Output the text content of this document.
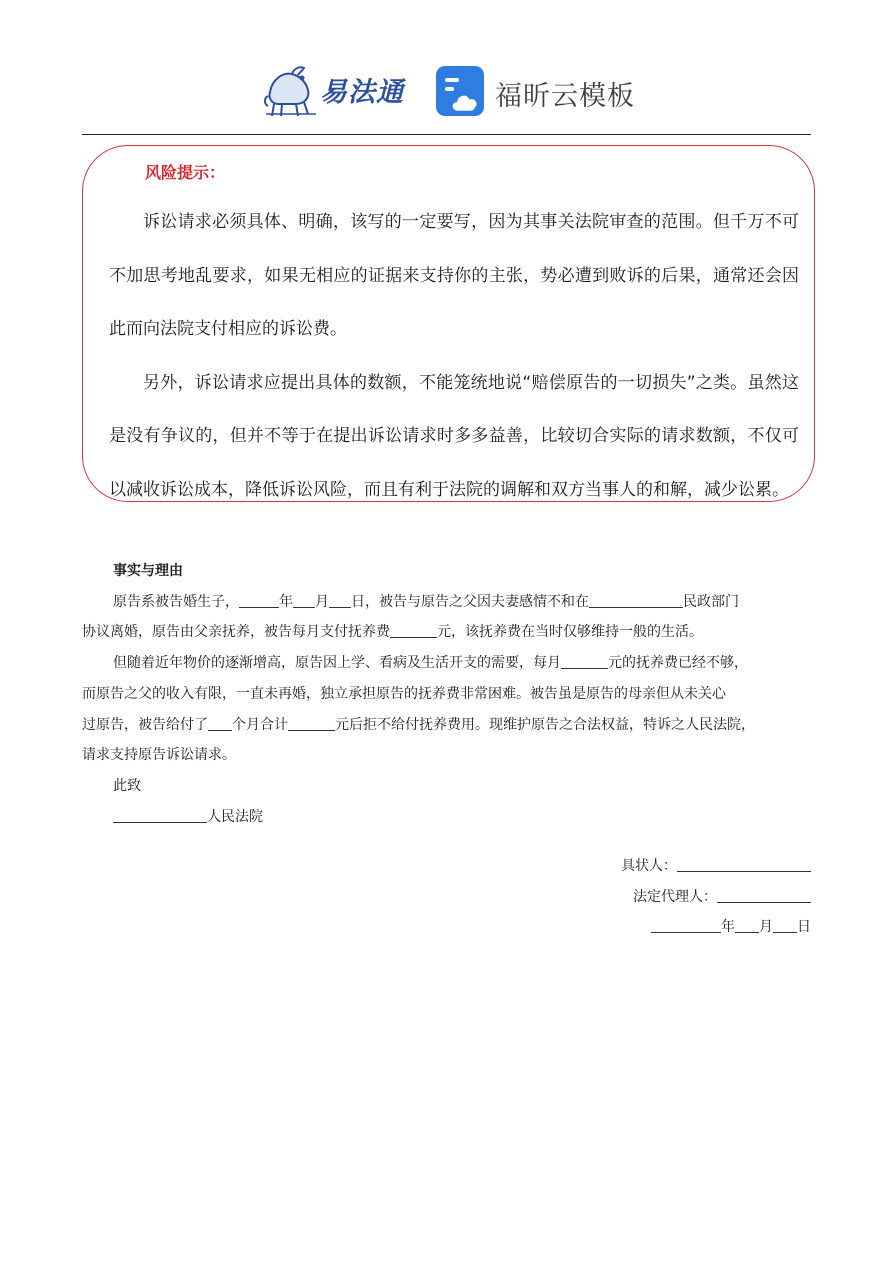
易法通	福昕云模板
风险提示：

诉讼请求必须具体、明确，该写的一定要写，因为其事关法院审查的范围。但千万不可不加思考地乱要求，如果无相应的证据来支持你的主张，势必遭到败诉的后果，通常还会因此而向法院支付相应的诉讼费。

另外，诉讼请求应提出具体的数额，不能笼统地说“赔偿原告的一切损失”之类。虽然这是没有争议的，但并不等于在提出诉讼请求时多多益善，比较切合实际的请求数额，不仅可以减收诉讼成本，降低诉讼风险，而且有利于法院的调解和双方当事人的和解，减少讼累。

事实与理由

原告系被告婚生子，	年 月 日，被告与原告之父因夫妻感情不和在	民政部门

协议离婚，原告由父亲抚养，被告每月支付抚养费	元，该抚养费在当时仅够维持一般的生活。

但随着近年物价的逐渐增高，原告因上学、看病及生活开支的需要，每月	元的抚养费已经不够，

而原告之父的收入有限，一直未再婚，独立承担原告的抚养费非常困难。被告虽是原告的母亲但从未关心

过原告，被告给付了 个月合计	元后拒不给付抚养费用。现维护原告之合法权益，特诉之人民法院，

请求支持原告诉讼请求。

此致

人民法院

具状人：

法定代理人：

年 月 日
